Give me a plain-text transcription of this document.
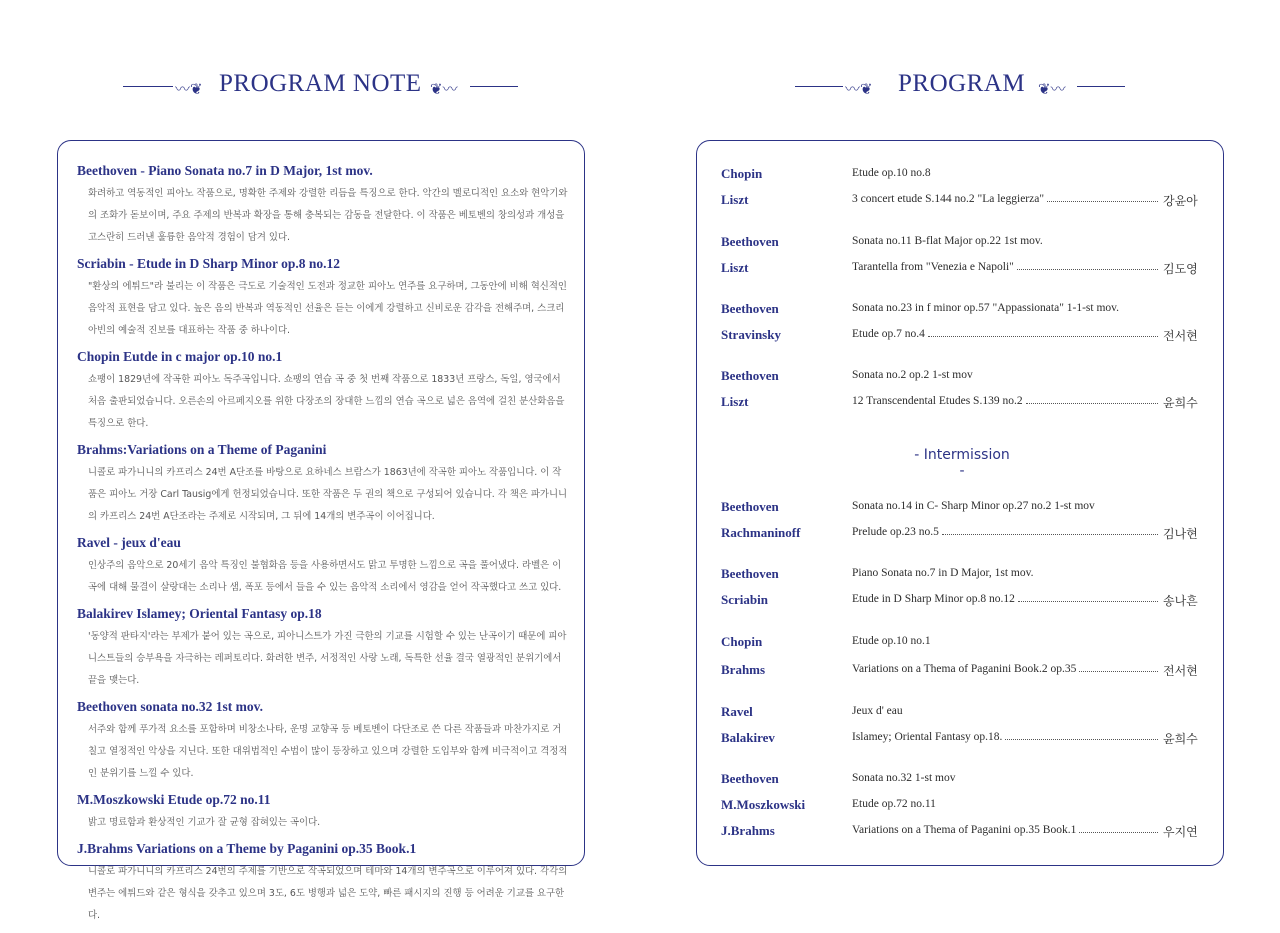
〰❦ PROGRAM NOTE ❦〰	〰❦ PROGRAM ❦〰
Beethoven - Piano Sonata no.7 in D Major, 1st mov.
화려하고 역동적인 피아노 작품으로, 명확한 주제와 강렬한 리듬을 특징으로 한다. 악간의 멜로디적인 요소와 현악기와의 조화가 돋보이며, 주요 주제의 반복과 확장을 통해 충복되는 감동을 전달한다. 이 작품은 베토벤의 창의성과 개성을 고스란히 드러낸 훌륭한 음악적 경험이 담겨 있다.
Scriabin - Etude in D Sharp Minor op.8 no.12
"환상의 에튀드"라 불리는 이 작품은 극도로 기술적인 도전과 정교한 피아노 연주를 요구하며, 그동안에 비해 혁신적인 음악적 표현을 담고 있다. 높은 음의 반복과 역동적인 선율은 듣는 이에게 강렬하고 신비로운 감각을 전해주며, 스크리아빈의 예술적 진보를 대표하는 작품 중 하나이다.
Chopin Eutde in c major op.10 no.1
쇼팽이 1829년에 작곡한 피아노 독주곡입니다. 쇼팽의 연습 곡 중 첫 번째 작품으로 1833년 프랑스, 독일, 영국에서 처음 출판되었습니다. 오른손의 아르페지오를 위한 다장조의 장대한 느낌의 연습 곡으로 넓은 음역에 걸친 분산화음을 특징으로 한다.
Brahms:Variations on a Theme of Paganini
니콜로 파가니니의 카프리스 24번 A단조를 바탕으로 요하네스 브람스가 1863년에 작곡한 피아노 작품입니다. 이 작품은 피아노 거장 Carl Tausig에게 헌정되었습니다. 또한 작품은 두 권의 책으로 구성되어 있습니다. 각 책은 파가니니의 카프리스 24번 A단조라는 주제로 시작되며, 그 뒤에 14개의 변주곡이 이어집니다.
Ravel - jeux d'eau
인상주의 음악으로 20세기 음악 특징인 불협화음 등을 사용하면서도 맑고 투명한 느낌으로 곡을 풀어냈다. 라벨은 이 곡에 대해 물결이 살랑대는 소리나 샘, 폭포 등에서 들을 수 있는 음악적 소리에서 영감을 얻어 작곡했다고 쓰고 있다.
Balakirev Islamey; Oriental Fantasy op.18
'동양적 판타지'라는 부제가 붙어 있는 곡으로, 피아니스트가 가진 극한의 기교를 시험할 수 있는 난곡이기 때문에 피아니스트들의 승부욕을 자극하는 레퍼토리다. 화려한 변주, 서정적인 사랑 노래, 독특한 선율 결국 열광적인 분위기에서 끝을 맺는다.
Beethoven sonata no.32 1st mov.
서주와 함께 푸가적 요소를 포함하며 비창소나타, 운명 교향곡 등 베토벤이 다단조로 쓴 다른 작품들과 마찬가지로 거칠고 열정적인 악상을 지닌다. 또한 대위법적인 수법이 많이 등장하고 있으며 강렬한 도입부와 함께 비극적이고 격정적인 분위기를 느낄 수 있다.
M.Moszkowski Etude op.72 no.11
밝고 명료함과 환상적인 기교가 잘 균형 잡혀있는 곡이다.
J.Brahms Variations on a Theme by Paganini op.35 Book.1
니콜로 파가니니의 카프리스 24번의 주제를 기반으로 작곡되었으며 테마와 14개의 변주곡으로 이루어져 있다. 각각의 변주는 에튀드와 같은 형식을 갖추고 있으며 3도, 6도 병행과 넓은 도약, 빠른 패시지의 진행 등 어려운 기교를 요구한다.
Chopin	Etude op.10 no.8
Liszt	3 concert etude S.144 no.2 "La leggierza"	강윤아
Beethoven	Sonata no.11 B-flat Major op.22 1st mov.
Liszt	Tarantella from "Venezia e Napoli"	김도영
Beethoven	Sonata no.23 in f minor op.57 "Appassionata" 1-1-st mov.
Stravinsky	Etude op.7 no.4	전서현
Beethoven	Sonata no.2 op.2 1-st mov
Liszt	12 Transcendental Etudes S.139 no.2	윤희수
Beethoven	Sonata no.14 in C- Sharp Minor op.27 no.2 1-st mov
Rachmaninoff	Prelude op.23 no.5	김나현
Beethoven	Piano Sonata no.7 in D Major, 1st mov.
Scriabin	Etude in D Sharp Minor op.8 no.12	송나흔
Chopin	Etude op.10 no.1
Brahms	Variations on a Thema of Paganini Book.2 op.35	전서현
Ravel	Jeux d' eau
Balakirev	Islamey; Oriental Fantasy op.18.	윤희수
Beethoven	Sonata no.32 1-st mov
M.Moszkowski	Etude op.72 no.11
J.Brahms	Variations on a Thema of Paganini op.35 Book.1	우지연
- Intermission -
